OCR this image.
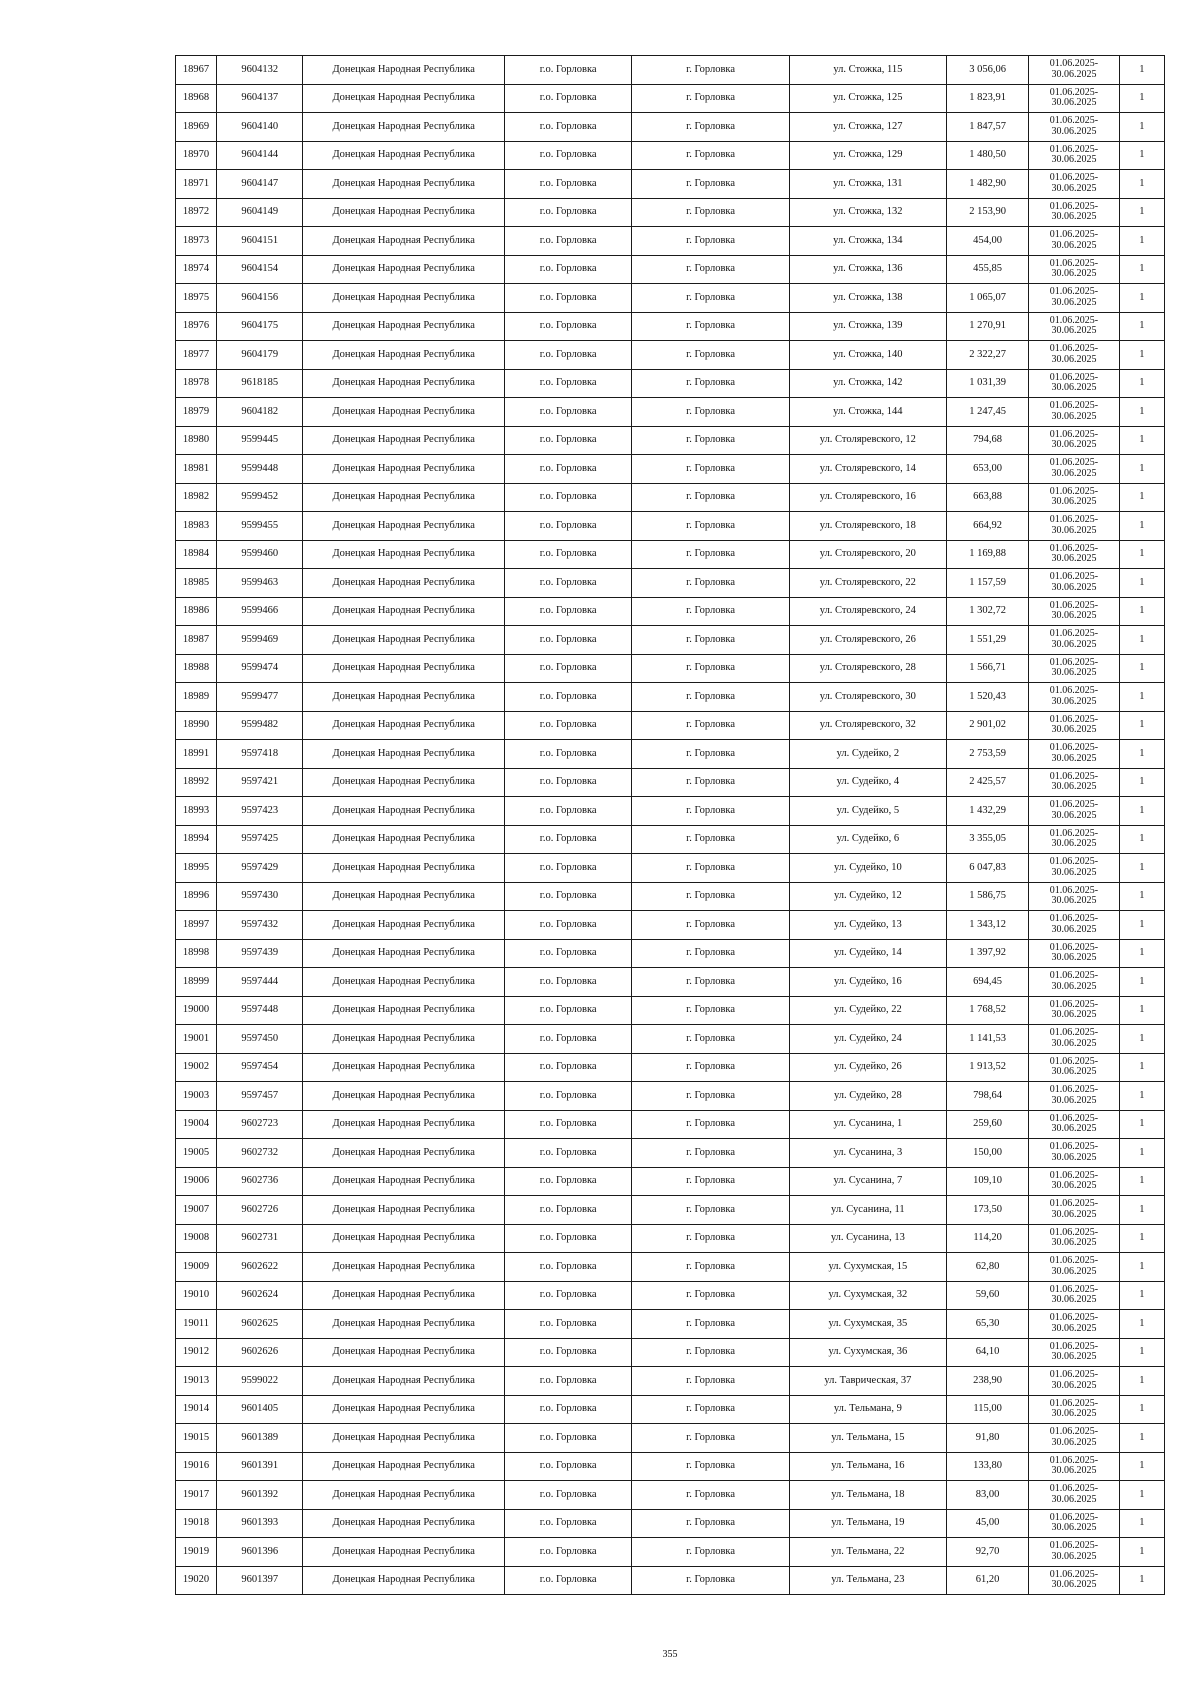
18967	9604132	Донецкая Народная Республика	г.о. Горловка	г. Горловка	ул. Стожка, 115	3 056,06	01.06.2025-
30.06.2025	1
18968	9604137	Донецкая Народная Республика	г.о. Горловка	г. Горловка	ул. Стожка, 125	1 823,91	01.06.2025-
30.06.2025	1
18969	9604140	Донецкая Народная Республика	г.о. Горловка	г. Горловка	ул. Стожка, 127	1 847,57	01.06.2025-
30.06.2025	1
18970	9604144	Донецкая Народная Республика	г.о. Горловка	г. Горловка	ул. Стожка, 129	1 480,50	01.06.2025-
30.06.2025	1
18971	9604147	Донецкая Народная Республика	г.о. Горловка	г. Горловка	ул. Стожка, 131	1 482,90	01.06.2025-
30.06.2025	1
18972	9604149	Донецкая Народная Республика	г.о. Горловка	г. Горловка	ул. Стожка, 132	2 153,90	01.06.2025-
30.06.2025	1
18973	9604151	Донецкая Народная Республика	г.о. Горловка	г. Горловка	ул. Стожка, 134	454,00	01.06.2025-
30.06.2025	1
18974	9604154	Донецкая Народная Республика	г.о. Горловка	г. Горловка	ул. Стожка, 136	455,85	01.06.2025-
30.06.2025	1
18975	9604156	Донецкая Народная Республика	г.о. Горловка	г. Горловка	ул. Стожка, 138	1 065,07	01.06.2025-
30.06.2025	1
18976	9604175	Донецкая Народная Республика	г.о. Горловка	г. Горловка	ул. Стожка, 139	1 270,91	01.06.2025-
30.06.2025	1
18977	9604179	Донецкая Народная Республика	г.о. Горловка	г. Горловка	ул. Стожка, 140	2 322,27	01.06.2025-
30.06.2025	1
18978	9618185	Донецкая Народная Республика	г.о. Горловка	г. Горловка	ул. Стожка, 142	1 031,39	01.06.2025-
30.06.2025	1
18979	9604182	Донецкая Народная Республика	г.о. Горловка	г. Горловка	ул. Стожка, 144	1 247,45	01.06.2025-
30.06.2025	1
18980	9599445	Донецкая Народная Республика	г.о. Горловка	г. Горловка	ул. Столяревского, 12	794,68	01.06.2025-
30.06.2025	1
18981	9599448	Донецкая Народная Республика	г.о. Горловка	г. Горловка	ул. Столяревского, 14	653,00	01.06.2025-
30.06.2025	1
18982	9599452	Донецкая Народная Республика	г.о. Горловка	г. Горловка	ул. Столяревского, 16	663,88	01.06.2025-
30.06.2025	1
18983	9599455	Донецкая Народная Республика	г.о. Горловка	г. Горловка	ул. Столяревского, 18	664,92	01.06.2025-
30.06.2025	1
18984	9599460	Донецкая Народная Республика	г.о. Горловка	г. Горловка	ул. Столяревского, 20	1 169,88	01.06.2025-
30.06.2025	1
18985	9599463	Донецкая Народная Республика	г.о. Горловка	г. Горловка	ул. Столяревского, 22	1 157,59	01.06.2025-
30.06.2025	1
18986	9599466	Донецкая Народная Республика	г.о. Горловка	г. Горловка	ул. Столяревского, 24	1 302,72	01.06.2025-
30.06.2025	1
18987	9599469	Донецкая Народная Республика	г.о. Горловка	г. Горловка	ул. Столяревского, 26	1 551,29	01.06.2025-
30.06.2025	1
18988	9599474	Донецкая Народная Республика	г.о. Горловка	г. Горловка	ул. Столяревского, 28	1 566,71	01.06.2025-
30.06.2025	1
18989	9599477	Донецкая Народная Республика	г.о. Горловка	г. Горловка	ул. Столяревского, 30	1 520,43	01.06.2025-
30.06.2025	1
18990	9599482	Донецкая Народная Республика	г.о. Горловка	г. Горловка	ул. Столяревского, 32	2 901,02	01.06.2025-
30.06.2025	1
18991	9597418	Донецкая Народная Республика	г.о. Горловка	г. Горловка	ул. Судейко, 2	2 753,59	01.06.2025-
30.06.2025	1
18992	9597421	Донецкая Народная Республика	г.о. Горловка	г. Горловка	ул. Судейко, 4	2 425,57	01.06.2025-
30.06.2025	1
18993	9597423	Донецкая Народная Республика	г.о. Горловка	г. Горловка	ул. Судейко, 5	1 432,29	01.06.2025-
30.06.2025	1
18994	9597425	Донецкая Народная Республика	г.о. Горловка	г. Горловка	ул. Судейко, 6	3 355,05	01.06.2025-
30.06.2025	1
18995	9597429	Донецкая Народная Республика	г.о. Горловка	г. Горловка	ул. Судейко, 10	6 047,83	01.06.2025-
30.06.2025	1
18996	9597430	Донецкая Народная Республика	г.о. Горловка	г. Горловка	ул. Судейко, 12	1 586,75	01.06.2025-
30.06.2025	1
18997	9597432	Донецкая Народная Республика	г.о. Горловка	г. Горловка	ул. Судейко, 13	1 343,12	01.06.2025-
30.06.2025	1
18998	9597439	Донецкая Народная Республика	г.о. Горловка	г. Горловка	ул. Судейко, 14	1 397,92	01.06.2025-
30.06.2025	1
18999	9597444	Донецкая Народная Республика	г.о. Горловка	г. Горловка	ул. Судейко, 16	694,45	01.06.2025-
30.06.2025	1
19000	9597448	Донецкая Народная Республика	г.о. Горловка	г. Горловка	ул. Судейко, 22	1 768,52	01.06.2025-
30.06.2025	1
19001	9597450	Донецкая Народная Республика	г.о. Горловка	г. Горловка	ул. Судейко, 24	1 141,53	01.06.2025-
30.06.2025	1
19002	9597454	Донецкая Народная Республика	г.о. Горловка	г. Горловка	ул. Судейко, 26	1 913,52	01.06.2025-
30.06.2025	1
19003	9597457	Донецкая Народная Республика	г.о. Горловка	г. Горловка	ул. Судейко, 28	798,64	01.06.2025-
30.06.2025	1
19004	9602723	Донецкая Народная Республика	г.о. Горловка	г. Горловка	ул. Сусанина, 1	259,60	01.06.2025-
30.06.2025	1
19005	9602732	Донецкая Народная Республика	г.о. Горловка	г. Горловка	ул. Сусанина, 3	150,00	01.06.2025-
30.06.2025	1
19006	9602736	Донецкая Народная Республика	г.о. Горловка	г. Горловка	ул. Сусанина, 7	109,10	01.06.2025-
30.06.2025	1
19007	9602726	Донецкая Народная Республика	г.о. Горловка	г. Горловка	ул. Сусанина, 11	173,50	01.06.2025-
30.06.2025	1
19008	9602731	Донецкая Народная Республика	г.о. Горловка	г. Горловка	ул. Сусанина, 13	114,20	01.06.2025-
30.06.2025	1
19009	9602622	Донецкая Народная Республика	г.о. Горловка	г. Горловка	ул. Сухумская, 15	62,80	01.06.2025-
30.06.2025	1
19010	9602624	Донецкая Народная Республика	г.о. Горловка	г. Горловка	ул. Сухумская, 32	59,60	01.06.2025-
30.06.2025	1
19011	9602625	Донецкая Народная Республика	г.о. Горловка	г. Горловка	ул. Сухумская, 35	65,30	01.06.2025-
30.06.2025	1
19012	9602626	Донецкая Народная Республика	г.о. Горловка	г. Горловка	ул. Сухумская, 36	64,10	01.06.2025-
30.06.2025	1
19013	9599022	Донецкая Народная Республика	г.о. Горловка	г. Горловка	ул. Таврическая, 37	238,90	01.06.2025-
30.06.2025	1
19014	9601405	Донецкая Народная Республика	г.о. Горловка	г. Горловка	ул. Тельмана, 9	115,00	01.06.2025-
30.06.2025	1
19015	9601389	Донецкая Народная Республика	г.о. Горловка	г. Горловка	ул. Тельмана, 15	91,80	01.06.2025-
30.06.2025	1
19016	9601391	Донецкая Народная Республика	г.о. Горловка	г. Горловка	ул. Тельмана, 16	133,80	01.06.2025-
30.06.2025	1
19017	9601392	Донецкая Народная Республика	г.о. Горловка	г. Горловка	ул. Тельмана, 18	83,00	01.06.2025-
30.06.2025	1
19018	9601393	Донецкая Народная Республика	г.о. Горловка	г. Горловка	ул. Тельмана, 19	45,00	01.06.2025-
30.06.2025	1
19019	9601396	Донецкая Народная Республика	г.о. Горловка	г. Горловка	ул. Тельмана, 22	92,70	01.06.2025-
30.06.2025	1
19020	9601397	Донецкая Народная Республика	г.о. Горловка	г. Горловка	ул. Тельмана, 23	61,20	01.06.2025-
30.06.2025	1
355
